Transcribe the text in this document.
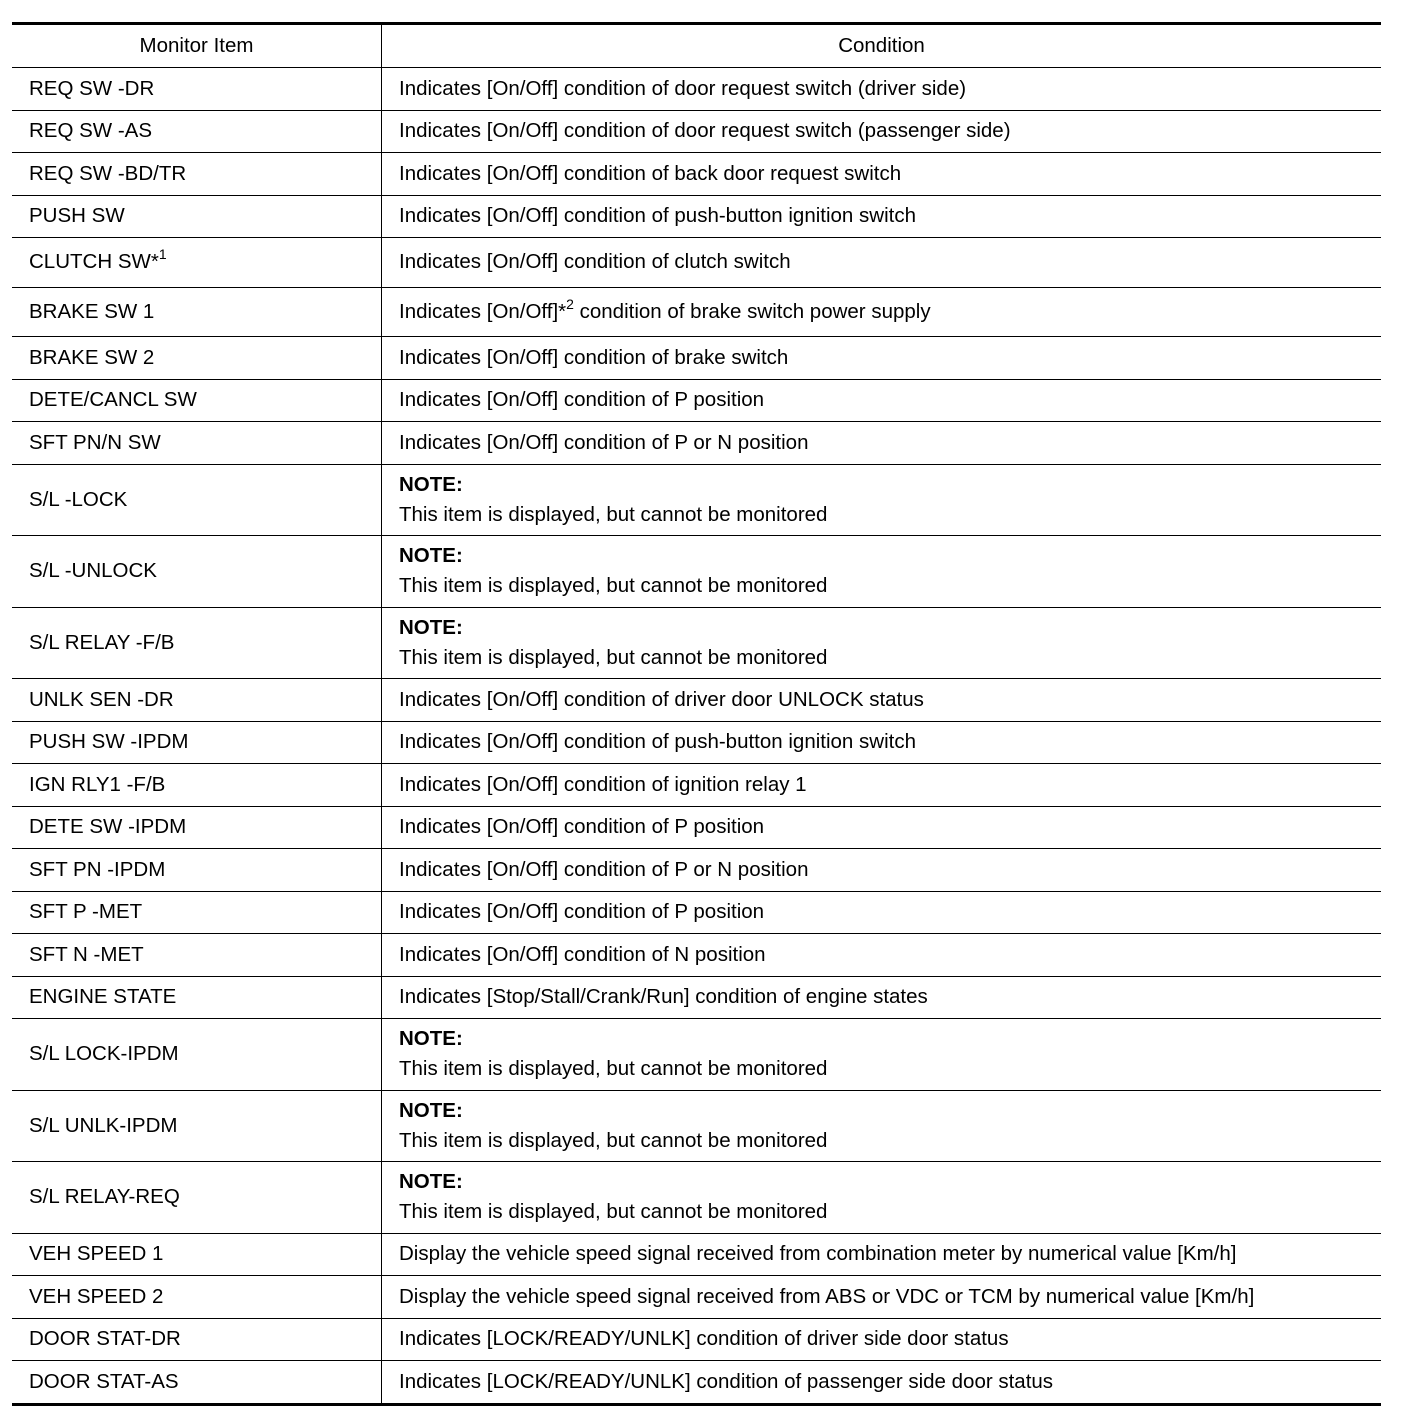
Monitor Item	Condition
REQ SW -DR	Indicates [On/Off] condition of door request switch (driver side)
REQ SW -AS	Indicates [On/Off] condition of door request switch (passenger side)
REQ SW -BD/TR	Indicates [On/Off] condition of back door request switch
PUSH SW	Indicates [On/Off] condition of push-button ignition switch
CLUTCH SW*$^1$	Indicates [On/Off] condition of clutch switch
BRAKE SW 1	Indicates [On/Off]*$^2$ condition of brake switch power supply
BRAKE SW 2	Indicates [On/Off] condition of brake switch
DETE/CANCL SW	Indicates [On/Off] condition of P position
SFT PN/N SW	Indicates [On/Off] condition of P or N position
S/L -LOCK	NOTE:
This item is displayed, but cannot be monitored
S/L -UNLOCK	NOTE:
This item is displayed, but cannot be monitored
S/L RELAY -F/B	NOTE:
This item is displayed, but cannot be monitored
UNLK SEN -DR	Indicates [On/Off] condition of driver door UNLOCK status
PUSH SW -IPDM	Indicates [On/Off] condition of push-button ignition switch
IGN RLY1 -F/B	Indicates [On/Off] condition of ignition relay 1
DETE SW -IPDM	Indicates [On/Off] condition of P position
SFT PN -IPDM	Indicates [On/Off] condition of P or N position
SFT P -MET	Indicates [On/Off] condition of P position
SFT N -MET	Indicates [On/Off] condition of N position
ENGINE STATE	Indicates [Stop/Stall/Crank/Run] condition of engine states
S/L LOCK-IPDM	NOTE:
This item is displayed, but cannot be monitored
S/L UNLK-IPDM	NOTE:
This item is displayed, but cannot be monitored
S/L RELAY-REQ	NOTE:
This item is displayed, but cannot be monitored
VEH SPEED 1	Display the vehicle speed signal received from combination meter by numerical value [Km/h]
VEH SPEED 2	Display the vehicle speed signal received from ABS or VDC or TCM by numerical value [Km/h]
DOOR STAT-DR	Indicates [LOCK/READY/UNLK] condition of driver side door status
DOOR STAT-AS	Indicates [LOCK/READY/UNLK] condition of passenger side door status
